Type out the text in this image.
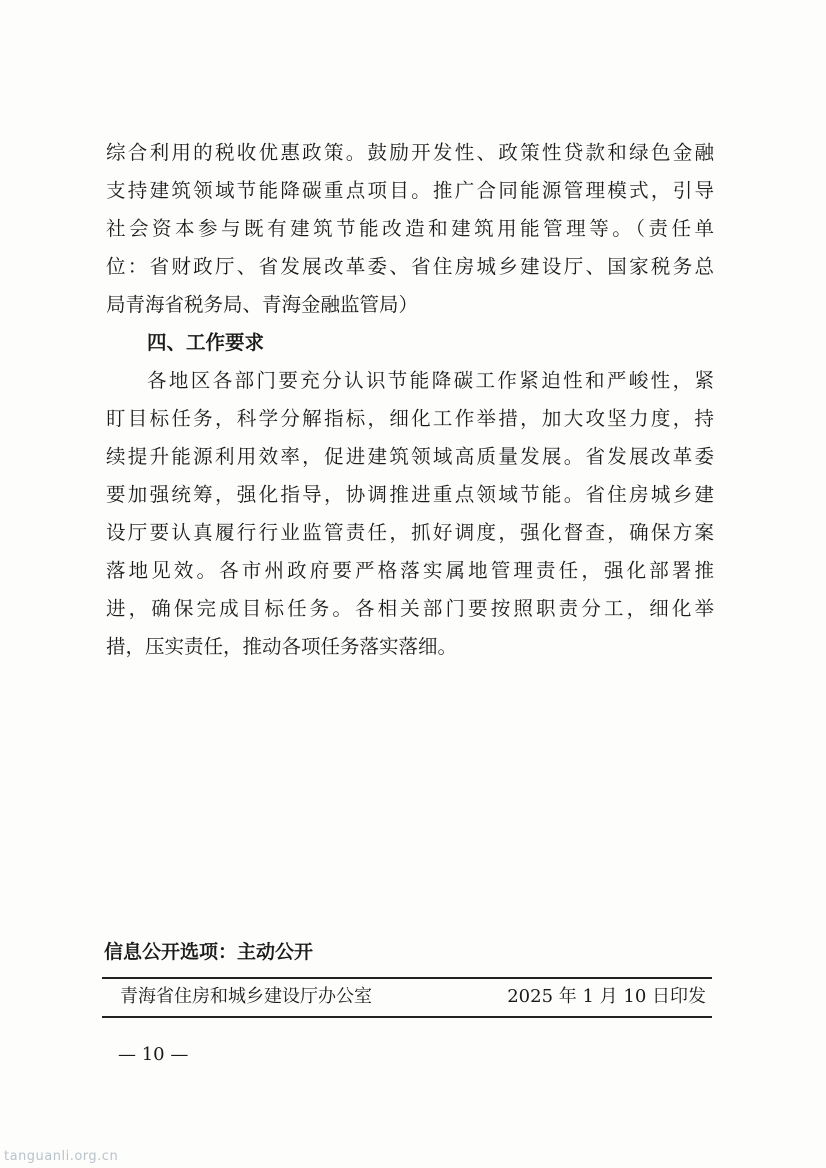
综合利用的税收优惠政策。鼓励开发性、政策性贷款和绿色金融
支持建筑领域节能降碳重点项目。推广合同能源管理模式，引导
社会资本参与既有建筑节能改造和建筑用能管理等。（责任单
位：省财政厅、省发展改革委、省住房城乡建设厅、国家税务总
局青海省税务局、青海金融监管局）
四、工作要求
各地区各部门要充分认识节能降碳工作紧迫性和严峻性，紧
盯目标任务，科学分解指标，细化工作举措，加大攻坚力度，持
续提升能源利用效率，促进建筑领域高质量发展。省发展改革委
要加强统筹，强化指导，协调推进重点领域节能。省住房城乡建
设厅要认真履行行业监管责任，抓好调度，强化督查，确保方案
落地见效。各市州政府要严格落实属地管理责任，强化部署推
进，确保完成目标任务。各相关部门要按照职责分工，细化举
措，压实责任，推动各项任务落实落细。
信息公开选项：主动公开
青海省住房和城乡建设厅办公室	2025 年 1 月 10 日印发
— 10 —
tanguanli.org.cn
